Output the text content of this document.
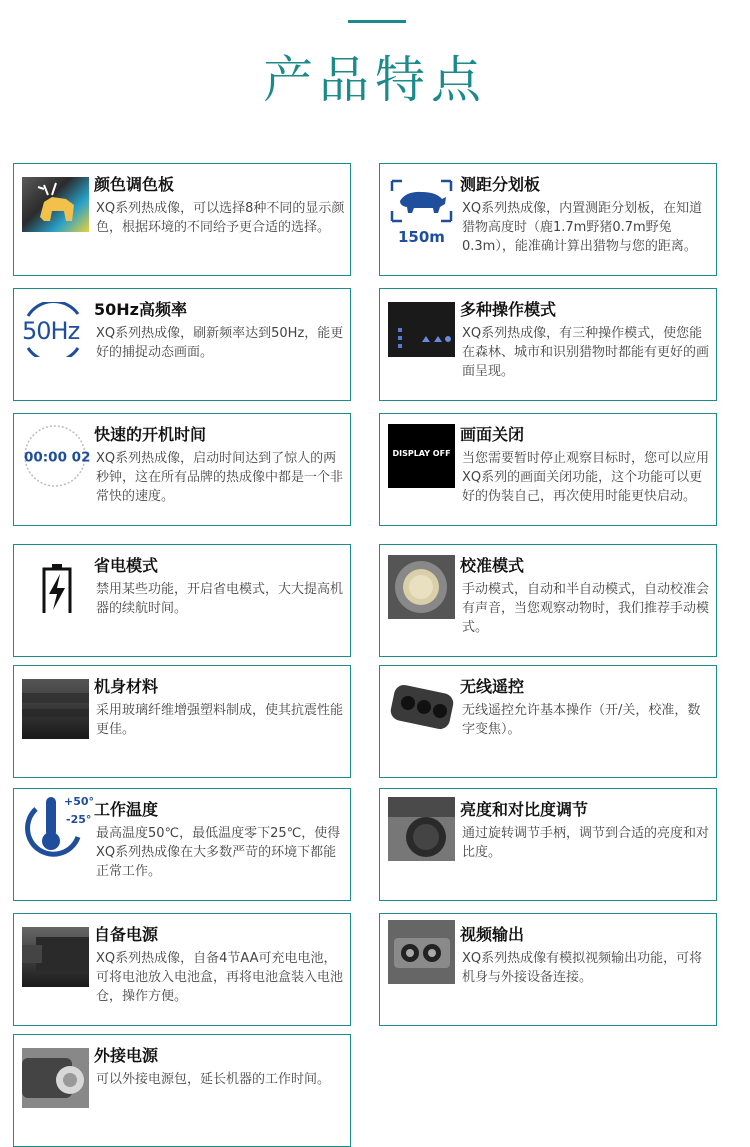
产品特点
颜色调色板
XQ系列热成像，可以选择8种不同的显示颜色，根据环境的不同给予更合适的选择。
150m
测距分划板
XQ系列热成像，内置测距分划板，在知道猎物高度时（鹿1.7m野猪0.7m野兔0.3m），能准确计算出猎物与您的距离。
50Hz
50Hz高频率
XQ系列热成像，刷新频率达到50Hz，能更好的捕捉动态画面。
多种操作模式
XQ系列热成像，有三种操作模式，使您能在森林、城市和识别猎物时都能有更好的画面呈现。
00:00 02
快速的开机时间
XQ系列热成像，启动时间达到了惊人的两秒钟，这在所有品牌的热成像中都是一个非常快的速度。
DISPLAY OFF
画面关闭
当您需要暂时停止观察目标时，您可以应用XQ系列的画面关闭功能，这个功能可以更好的伪装自己，再次使用时能更快启动。
省电模式
禁用某些功能，开启省电模式，大大提高机器的续航时间。
校准模式
手动模式，自动和半自动模式，自动校准会有声音，当您观察动物时，我们推荐手动模式。
机身材料
采用玻璃纤维增强塑料制成，使其抗震性能更佳。
无线遥控
无线遥控允许基本操作（开/关，校准，数字变焦）。
+50°
-25°
工作温度
最高温度50℃，最低温度零下25℃，使得XQ系列热成像在大多数严苛的环境下都能正常工作。
亮度和对比度调节
通过旋转调节手柄，调节到合适的亮度和对比度。
自备电源
XQ系列热成像，自备4节AA可充电电池，可将电池放入电池盒，再将电池盒装入电池仓，操作方便。
视频输出
XQ系列热成像有模拟视频输出功能，可将机身与外接设备连接。
外接电源
可以外接电源包，延长机器的工作时间。
